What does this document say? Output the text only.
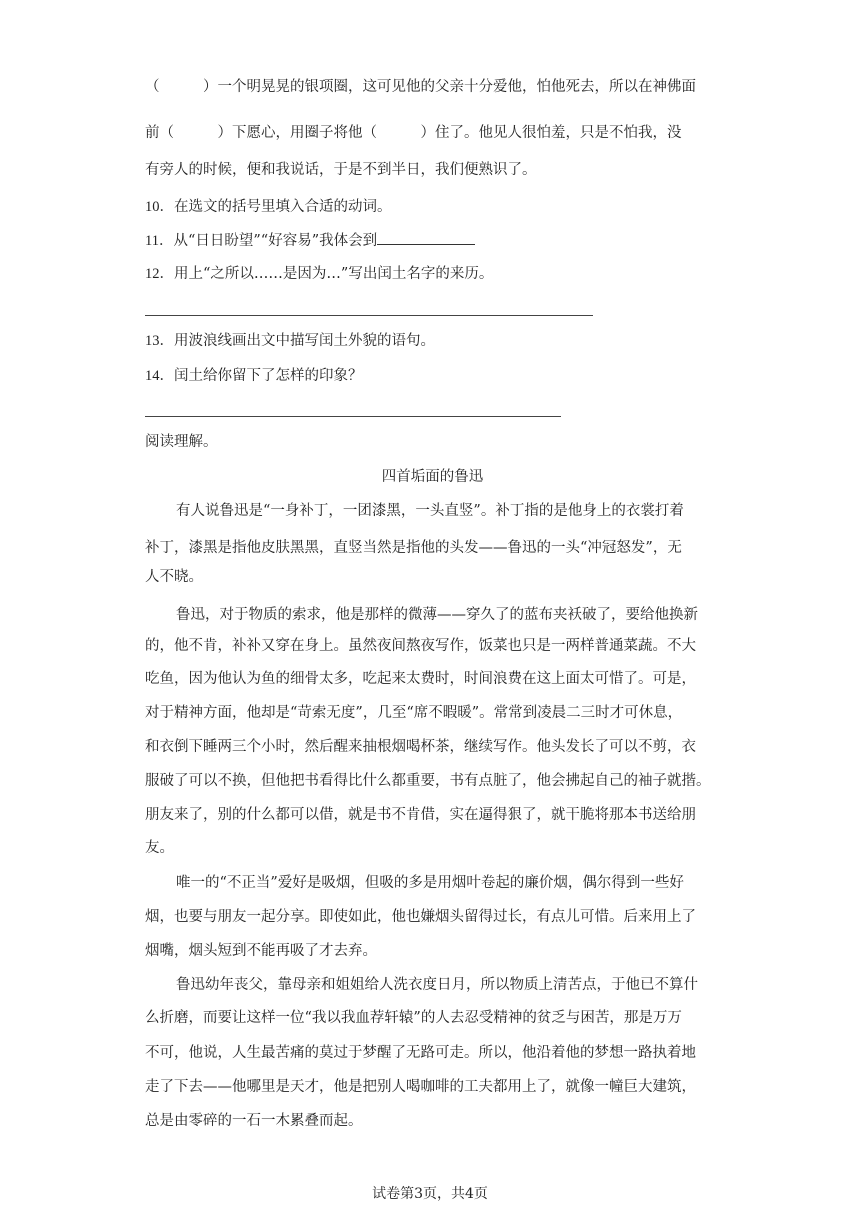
（　　　）一个明晃晃的银项圈，这可见他的父亲十分爱他，怕他死去，所以在神佛面
前（　　　）下愿心，用圈子将他（　　　）住了。他见人很怕羞，只是不怕我，没
有旁人的时候，便和我说话，于是不到半日，我们便熟识了。
10．在选文的括号里填入合适的动词。
11．从“日日盼望”“好容易”我体会到
12．用上“之所以……是因为…”写出闰土名字的来历。
13．用波浪线画出文中描写闰土外貌的语句。
14．闰土给你留下了怎样的印象？
阅读理解。
四首垢面的鲁迅
有人说鲁迅是“一身补丁，一团漆黑，一头直竖”。补丁指的是他身上的衣裳打着
补丁，漆黑是指他皮肤黑黑，直竖当然是指他的头发——鲁迅的一头“冲冠怒发”，无
人不晓。
鲁迅，对于物质的索求，他是那样的微薄——穿久了的蓝布夹袄破了，要给他换新
的，他不肯，补补又穿在身上。虽然夜间熬夜写作，饭菜也只是一两样普通菜蔬。不大
吃鱼，因为他认为鱼的细骨太多，吃起来太费时，时间浪费在这上面太可惜了。可是，
对于精神方面，他却是“苛索无度”，几至“席不暇暖”。常常到凌晨二三时才可休息，
和衣倒下睡两三个小时，然后醒来抽根烟喝杯茶，继续写作。他头发长了可以不剪，衣
服破了可以不换，但他把书看得比什么都重要，书有点脏了，他会拂起自己的袖子就揩。
朋友来了，别的什么都可以借，就是书不肯借，实在逼得狠了，就干脆将那本书送给朋
友。
唯一的“不正当”爱好是吸烟，但吸的多是用烟叶卷起的廉价烟，偶尔得到一些好
烟，也要与朋友一起分享。即使如此，他也嫌烟头留得过长，有点儿可惜。后来用上了
烟嘴，烟头短到不能再吸了才去弃。
鲁迅幼年丧父，靠母亲和姐姐给人洗衣度日月，所以物质上清苦点，于他已不算什
么折磨，而要让这样一位“我以我血荐轩辕”的人去忍受精神的贫乏与困苦，那是万万
不可，他说，人生最苦痛的莫过于梦醒了无路可走。所以，他沿着他的梦想一路执着地
走了下去——他哪里是天才，他是把别人喝咖啡的工夫都用上了，就像一幢巨大建筑，
总是由零碎的一石一木累叠而起。
试卷第3页，共4页
